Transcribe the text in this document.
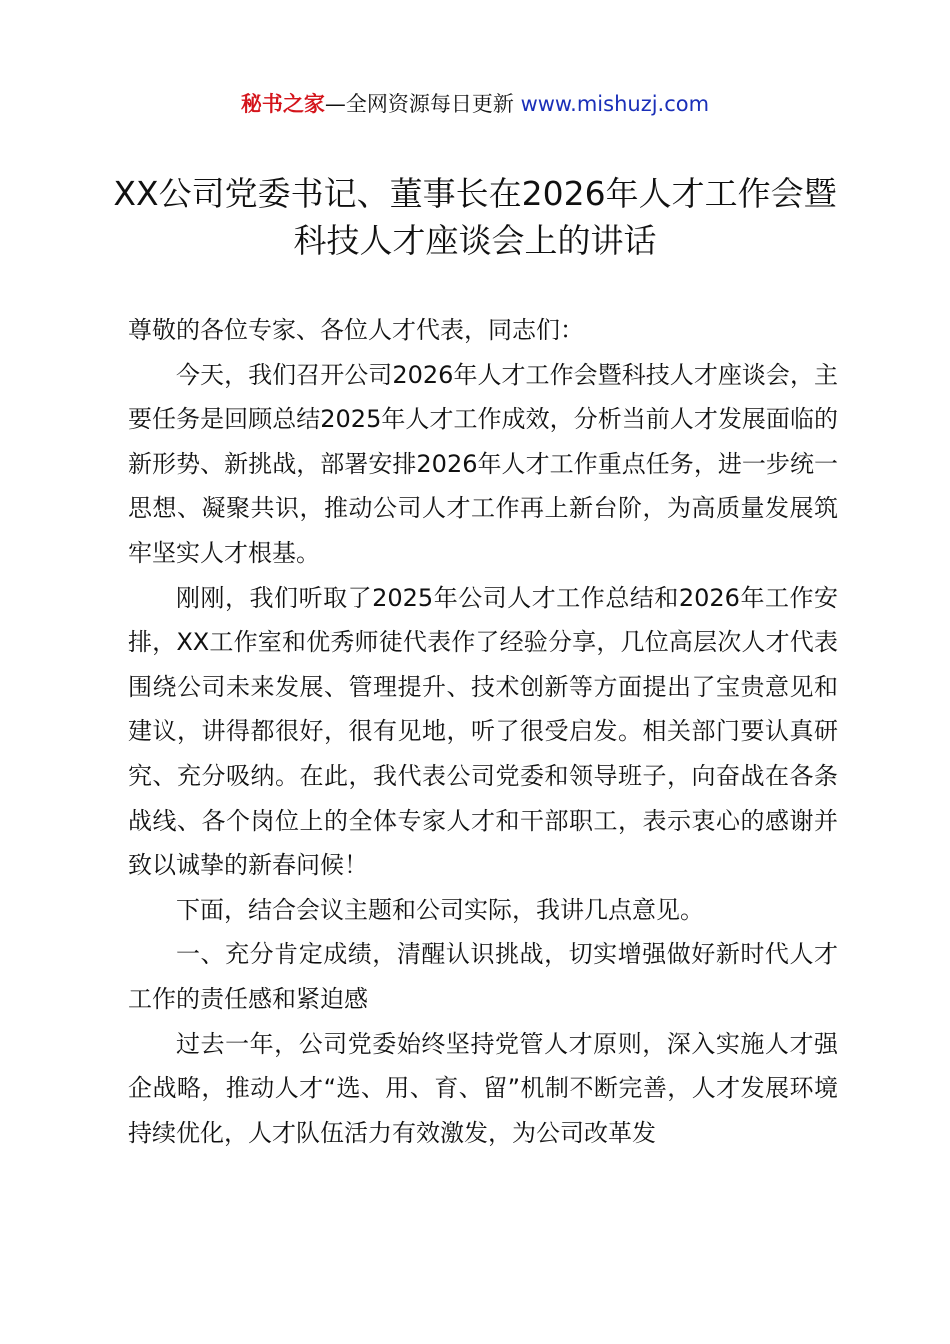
秘书之家—全网资源每日更新 www.mishuzj.com
XX公司党委书记、董事长在2026年人才工作会暨科技人才座谈会上的讲话

尊敬的各位专家、各位人才代表，同志们：

今天，我们召开公司2026年人才工作会暨科技人才座谈会，主要任务是回顾总结2025年人才工作成效，分析当前人才发展面临的新形势、新挑战，部署安排2026年人才工作重点任务，进一步统一思想、凝聚共识，推动公司人才工作再上新台阶，为高质量发展筑牢坚实人才根基。

刚刚，我们听取了2025年公司人才工作总结和2026年工作安排，XX工作室和优秀师徒代表作了经验分享，几位高层次人才代表围绕公司未来发展、管理提升、技术创新等方面提出了宝贵意见和建议，讲得都很好，很有见地，听了很受启发。相关部门要认真研究、充分吸纳。在此，我代表公司党委和领导班子，向奋战在各条战线、各个岗位上的全体专家人才和干部职工，表示衷心的感谢并致以诚挚的新春问候！

下面，结合会议主题和公司实际，我讲几点意见。

一、充分肯定成绩，清醒认识挑战，切实增强做好新时代人才工作的责任感和紧迫感

过去一年，公司党委始终坚持党管人才原则，深入实施人才强企战略，推动人才“选、用、育、留”机制不断完善，人才发展环境持续优化，人才队伍活力有效激发，为公司改革发
